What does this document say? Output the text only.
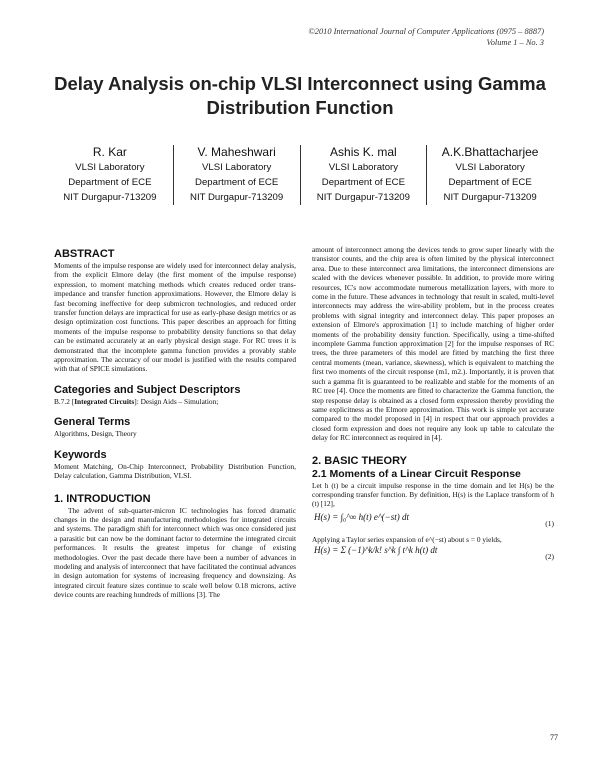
©2010 International Journal of Computer Applications (0975 – 8887)
Volume 1 – No. 3
Delay Analysis on-chip VLSI Interconnect using Gamma
Distribution Function
R. Kar
VLSI Laboratory
Department of ECE
NIT Durgapur-713209
V. Maheshwari
VLSI Laboratory
Department of ECE
NIT Durgapur-713209
Ashis K. mal
VLSI Laboratory
Department of ECE
NIT Durgapur-713209
A.K.Bhattacharjee
VLSI Laboratory
Department of ECE
NIT Durgapur-713209
ABSTRACT

Moments of the impulse response are widely used for interconnect delay analysis, from the explicit Elmore delay (the first moment of the impulse response) expression, to moment matching methods which creates reduced order trans-impedance and transfer function approximations. However, the Elmore delay is fast becoming ineffective for deep submicron technologies, and reduced order transfer function delays are impractical for use as early-phase design metrics or as design optimization cost functions. This paper describes an approach for fitting moments of the impulse response to probability density functions so that delay can be estimated accurately at an early physical design stage. For RC trees it is demonstrated that the incomplete gamma function provides a provably stable approximation. The accuracy of our model is justified with the results compared with that of SPICE simulations.

Categories and Subject Descriptors

B.7.2 [Integrated Circuits]: Design Aids – Simulation;

General Terms

Algorithms, Design, Theory

Keywords

Moment Matching, On-Chip Interconnect, Probability Distribution Function, Delay calculation, Gamma Distribution, VLSI.

1. INTRODUCTION

The advent of sub-quarter-micron IC technologies has forced dramatic changes in the design and manufacturing methodologies for integrated circuits and systems. The paradigm shift for interconnect which was once considered just a parasitic but can now be the dominant factor to determine the integrated circuit performances. It results the greatest impetus for change of existing methodologies. Over the past decade there have been a number of advances in modeling and analysis of interconnect that have facilitated the continual advances in design automation for systems of increasing frequency and downsizing. As integrated circuit feature sizes continue to scale well below 0.18 microns, active device counts are reaching hundreds of millions [3]. The

amount of interconnect among the devices tends to grow super linearly with the transistor counts, and the chip area is often limited by the physical interconnect area. Due to these interconnect area limitations, the interconnect dimensions are scaled with the devices whenever possible. In addition, to provide more wiring resources, IC's now accommodate numerous metallization layers, with more to come in the future. These advances in technology that result in scaled, multi-level interconnects may address the wire-ability problem, but in the process creates problems with signal integrity and interconnect delay. This paper proposes an extension of Elmore's approximation [1] to include matching of higher order moments of the probability density function. Specifically, using a time-shifted incomplete Gamma function approximation [2] for the impulse responses of RC trees, the three parameters of this model are fitted by matching the first three central moments (mean, variance, skewness), which is equivalent to matching the first two moments of the circuit response (m1, m2.). Importantly, it is proven that such a gamma fit is guaranteed to be realizable and stable for the moments of an RC tree [4]. Once the moments are fitted to characterize the Gamma function, the step response delay is obtained as a closed form expression thereby providing the same explicitness as the Elmore approximation. This work is simple yet accurate compared to the model proposed in [4] in respect that our approach provides a closed form expression and does not require any look up table to calculate the delay for RC interconnect as required in [4].

2. BASIC THEORY
2.1 Moments of a Linear Circuit Response

Let h (t) be a circuit impulse response in the time domain and let H(s) be the corresponding transfer function. By definition, H(s) is the Laplace transform of h (t) [12],

H(s) = ∫₀^∞ h(t) e^(−st) dt
(1)

Applying a Taylor series expansion of e^(−st) about s = 0 yields,

H(s) = Σ (−1)^k/k! s^k ∫ t^k h(t) dt
(2)
77
